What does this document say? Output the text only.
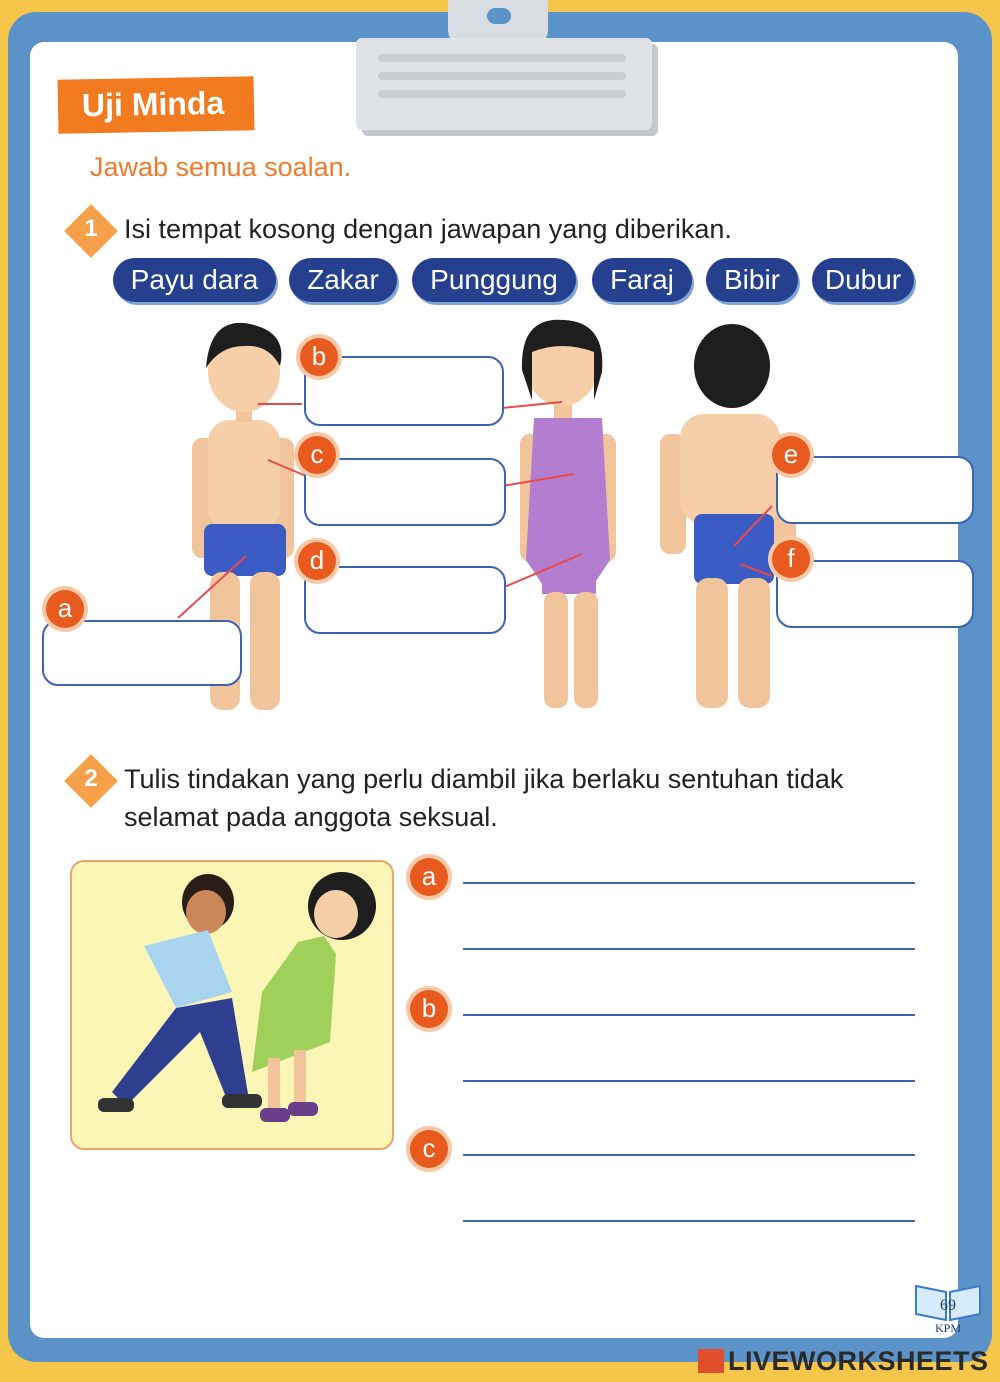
Uji Minda
Jawab semua soalan.
1 Isi tempat kosong dengan jawapan yang diberikan.
Payu dara	Zakar	Punggung	Faraj	Bibir	Dubur
a
b
c
d
e
f
2 Tulis tindakan yang perlu diambil jika berlaku sentuhan tidak
selamat pada anggota seksual.
a
b
c
69
KPM
LIVEWORKSHEETS
